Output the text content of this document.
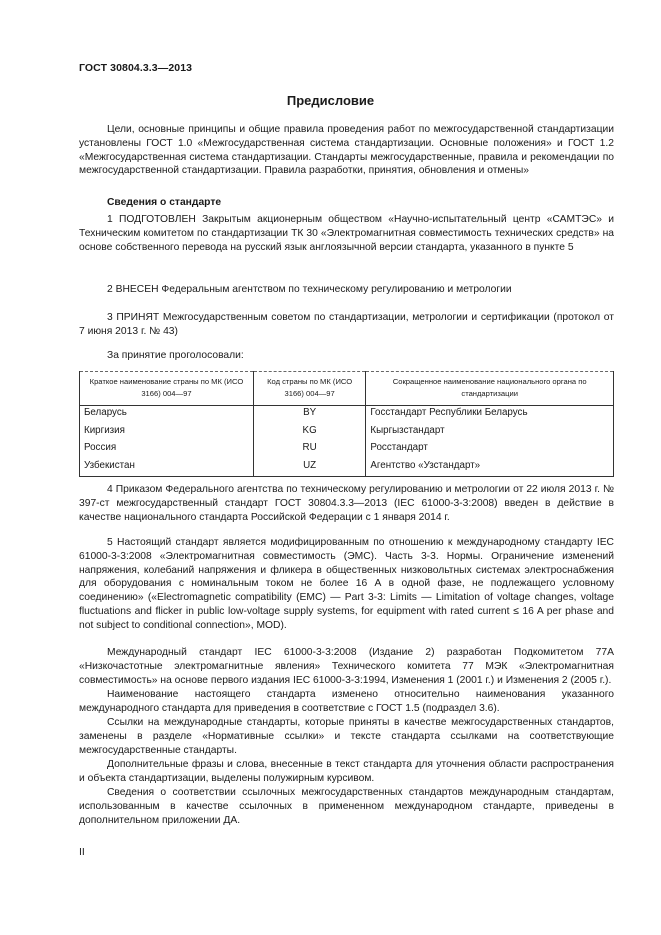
ГОСТ 30804.3.3—2013
Предисловие

Цели, основные принципы и общие правила проведения работ по межгосударственной стандартизации установлены ГОСТ 1.0 «Межгосударственная система стандартизации. Основные положения» и ГОСТ 1.2 «Межгосударственная система стандартизации. Стандарты межгосударственные, правила и рекомендации по межгосударственной стандартизации. Правила разработки, принятия, обновления и отмены»

Сведения о стандарте

1 ПОДГОТОВЛЕН Закрытым акционерным обществом «Научно-испытательный центр «САМТЭС» и Техническим комитетом по стандартизации ТК 30 «Электромагнитная совместимость технических средств» на основе собственного перевода на русский язык англоязычной версии стандарта, указанного в пункте 5

2 ВНЕСЕН Федеральным агентством по техническому регулированию и метрологии

3 ПРИНЯТ Межгосударственным советом по стандартизации, метрологии и сертификации (протокол от 7 июня 2013 г. № 43)

За принятие проголосовали:

Краткое наименование страны по МК (ИСО 3166) 004—97	Код страны по МК (ИСО 3166) 004—97	Сокращенное наименование национального органа по стандартизации
Беларусь	BY	Госстандарт Республики Беларусь
Киргизия	KG	Кыргызстандарт
Россия	RU	Росстандарт
Узбекистан	UZ	Агентство «Узстандарт»

4 Приказом Федерального агентства по техническому регулированию и метрологии от 22 июля 2013 г. № 397-ст межгосударственный стандарт ГОСТ 30804.3.3—2013 (IEC 61000-3-3:2008) введен в действие в качестве национального стандарта Российской Федерации с 1 января 2014 г.

5 Настоящий стандарт является модифицированным по отношению к международному стандарту IEC 61000-3-3:2008 «Электромагнитная совместимость (ЭМС). Часть 3-3. Нормы. Ограничение изменений напряжения, колебаний напряжения и фликера в общественных низковольтных системах электроснабжения для оборудования с номинальным током не более 16 А в одной фазе, не подлежащего условному соединению» («Electromagnetic compatibility (EMC) — Part 3-3: Limits — Limitation of voltage changes, voltage fluctuations and flicker in public low-voltage supply systems, for equipment with rated current ≤ 16 A per phase and not subject to conditional connection», MOD).

Международный стандарт IEC 61000-3-3:2008 (Издание 2) разработан Подкомитетом 77А «Низкочастотные электромагнитные явления» Технического комитета 77 МЭК «Электромагнитная совместимость» на основе первого издания IEC 61000-3-3:1994, Изменения 1 (2001 г.) и Изменения 2 (2005 г.).

Наименование настоящего стандарта изменено относительно наименования указанного международного стандарта для приведения в соответствие с ГОСТ 1.5 (подраздел 3.6).

Ссылки на международные стандарты, которые приняты в качестве межгосударственных стандартов, заменены в разделе «Нормативные ссылки» и тексте стандарта ссылками на соответствующие межгосударственные стандарты.

Дополнительные фразы и слова, внесенные в текст стандарта для уточнения области распространения и объекта стандартизации, выделены полужирным курсивом.

Сведения о соответствии ссылочных межгосударственных стандартов международным стандартам, использованным в качестве ссылочных в примененном международном стандарте, приведены в дополнительном приложении ДА.

II
